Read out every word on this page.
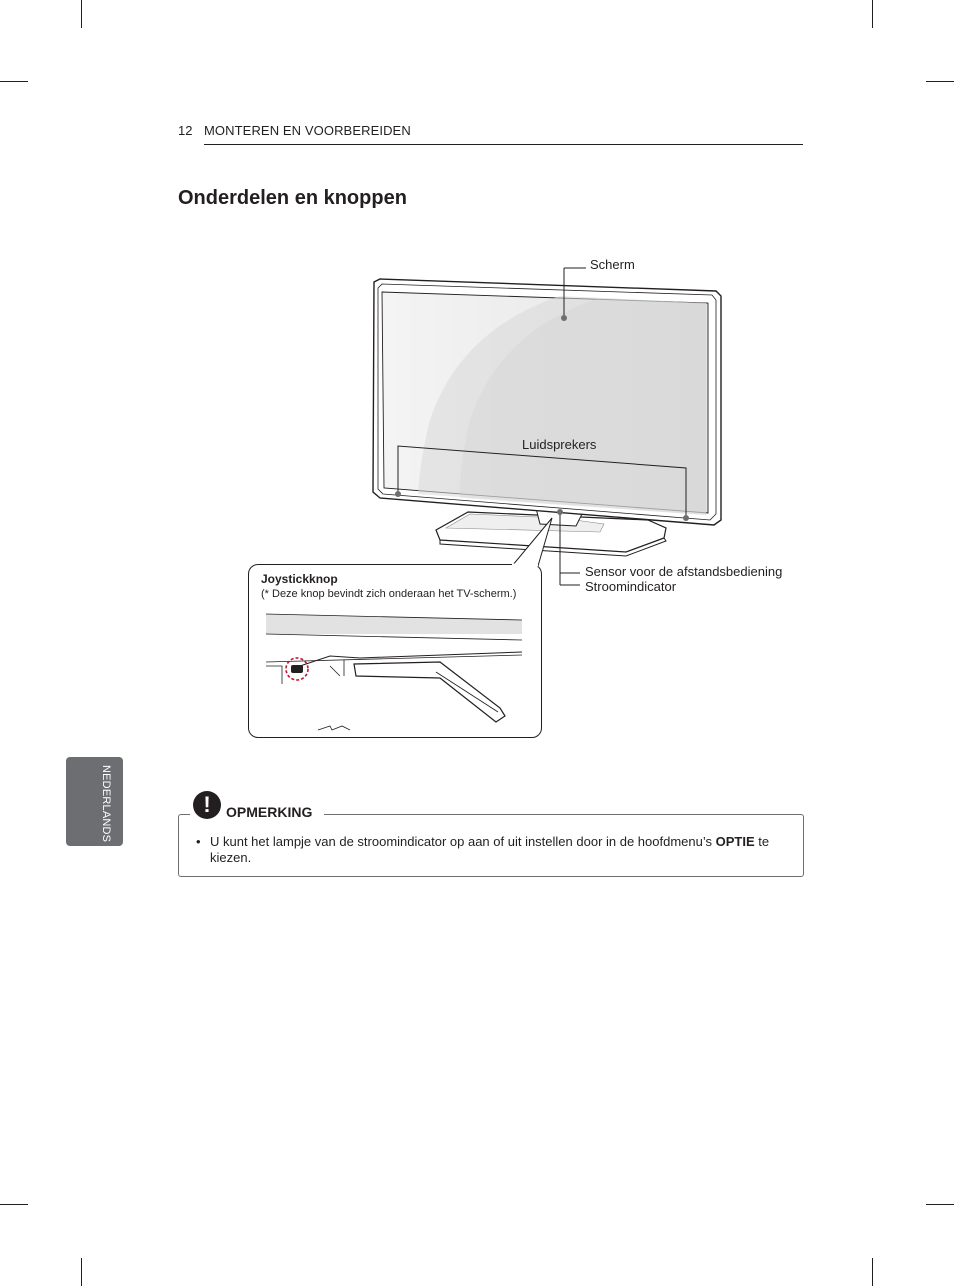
12 MONTEREN EN VOORBEREIDEN
Onderdelen en knoppen
Scherm
Luidsprekers
Sensor voor de afstandsbediening
Stroomindicator
Joystickknop
(* Deze knop bevindt zich onderaan het TV-scherm.)
NEDERLANDS	!	OPMERKING
• U kunt het lampje van de stroomindicator op aan of uit instellen door in de hoofdmenu’s OPTIE te kiezen.
